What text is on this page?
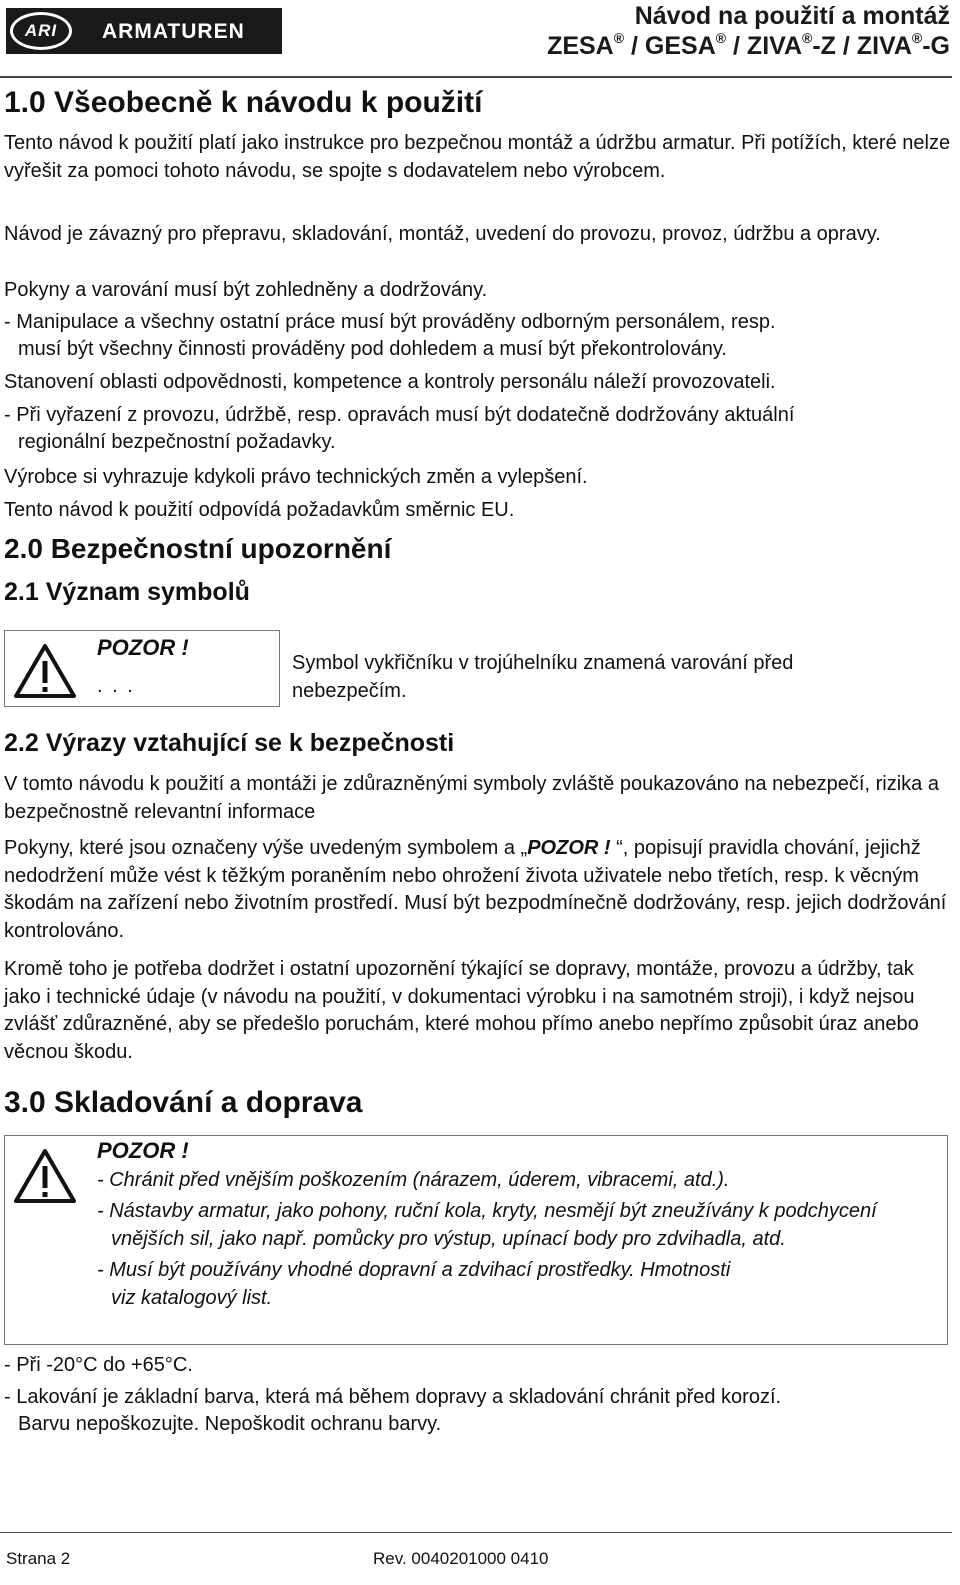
ARI	ARMATUREN
Návod na použití a montáž
ZESA® / GESA® / ZIVA®-Z / ZIVA®-G
1.0 Všeobecně k návodu k použití

Tento návod k použití platí jako instrukce pro bezpečnou montáž a údržbu armatur. Při potížích, které nelze vyřešit za pomoci tohoto návodu, se spojte s dodavatelem nebo výrobcem.

Návod je závazný pro přepravu, skladování, montáž, uvedení do provozu, provoz, údržbu a opravy.

Pokyny a varování musí být zohledněny a dodržovány.

- Manipulace a všechny ostatní práce musí být prováděny odborným personálem, resp.

musí být všechny činnosti prováděny pod dohledem a musí být překontrolovány.

Stanovení oblasti odpovědnosti, kompetence a kontroly personálu náleží provozovateli.

- Při vyřazení z provozu, údržbě, resp. opravách musí být dodatečně dodržovány aktuální

regionální bezpečnostní požadavky.

Výrobce si vyhrazuje kdykoli právo technických změn a vylepšení.

Tento návod k použití odpovídá požadavkům směrnic EU.

2.0 Bezpečnostní upozornění
2.1 Význam symbolů
POZOR !
. . .

Symbol vykřičníku v trojúhelníku znamená varování před nebezpečím.

2.2 Výrazy vztahující se k bezpečnosti

V tomto návodu k použití a montáži je zdůrazněnými symboly zvláště poukazováno na nebezpečí, rizika a bezpečnostně relevantní informace

Pokyny, které jsou označeny výše uvedeným symbolem a „POZOR ! “, popisují pravidla chování, jejichž nedodržení může vést k těžkým poraněním nebo ohrožení života uživatele nebo třetích, resp. k věcným škodám na zařízení nebo životním prostředí. Musí být bezpodmínečně dodržovány, resp. jejich dodržování kontrolováno.

Kromě toho je potřeba dodržet i ostatní upozornění týkající se dopravy, montáže, provozu a údržby, tak jako i technické údaje (v návodu na použití, v dokumentaci výrobku i na samotném stroji), i když nejsou zvlášť zdůrazněné, aby se předešlo poruchám, které mohou přímo anebo nepřímo způsobit úraz anebo věcnou škodu.

3.0 Skladování a doprava
POZOR !
- Chránit před vnějším poškozením (nárazem, úderem, vibracemi, atd.).
- Nástavby armatur, jako pohony, ruční kola, kryty, nesmějí být zneužívány k podchycení vnějších sil, jako např. pomůcky pro výstup, upínací body pro zdvihadla, atd.
- Musí být používány vhodné dopravní a zdvihací prostředky. Hmotnosti viz katalogový list.

- Při -20°C do +65°C.

- Lakování je základní barva, která má během dopravy a skladování chránit před korozí.

Barvu nepoškozujte. Nepoškodit ochranu barvy.

Strana 2	Rev. 0040201000 0410
